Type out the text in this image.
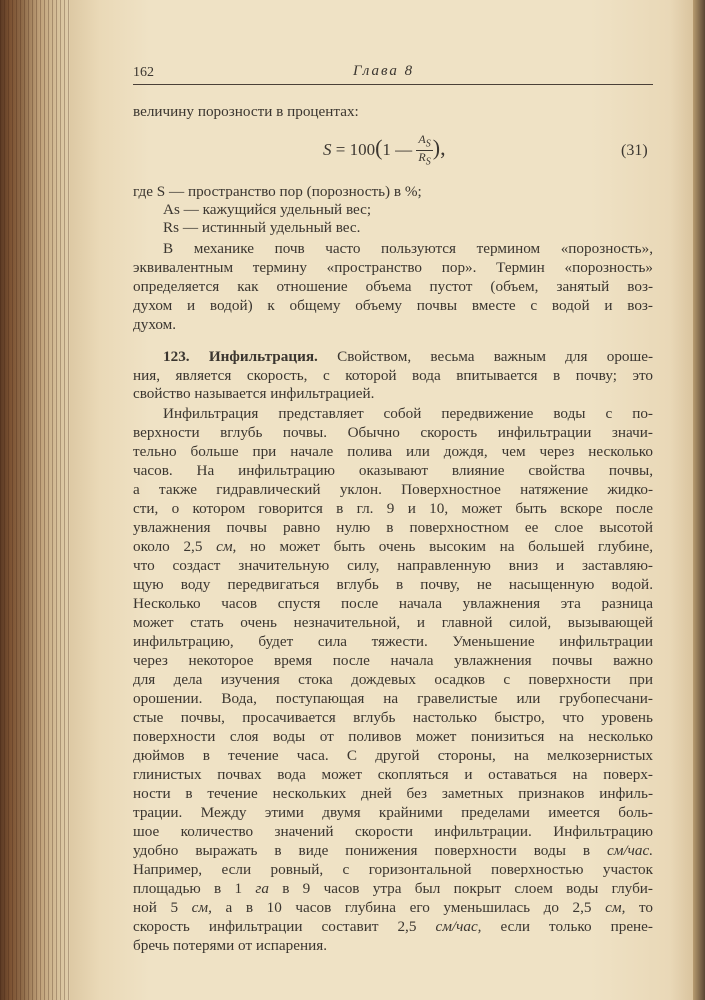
162	Глава 8
величину порозности в процентах:
S = 100(1 — $\frac{A_S}{R_S}$),	(31)
где S — пространство пор (порозность) в %;
As — кажущийся удельный вес;
Rs — истинный удельный вес.
В механике почв часто пользуются термином «порозность»,
эквивалентным термину «пространство пор». Термин «порозность»
определяется как отношение объема пустот (объем, занятый воз-
духом и водой) к общему объему почвы вместе с водой и воз-
духом.
123. Инфильтрация. Свойством, весьма важным для ороше-
ния, является скорость, с которой вода впитывается в почву; это
свойство называется инфильтрацией.
Инфильтрация представляет собой передвижение воды с по-
верхности вглубь почвы. Обычно скорость инфильтрации значи-
тельно больше при начале полива или дождя, чем через несколько
часов. На инфильтрацию оказывают влияние свойства почвы,
а также гидравлический уклон. Поверхностное натяжение жидко-
сти, о котором говорится в гл. 9 и 10, может быть вскоре после
увлажнения почвы равно нулю в поверхностном ее слое высотой
около 2,5 см, но может быть очень высоким на большей глубине,
что создаст значительную силу, направленную вниз и заставляю-
щую воду передвигаться вглубь в почву, не насыщенную водой.
Несколько часов спустя после начала увлажнения эта разница
может стать очень незначительной, и главной силой, вызывающей
инфильтрацию, будет сила тяжести. Уменьшение инфильтрации
через некоторое время после начала увлажнения почвы важно
для дела изучения стока дождевых осадков с поверхности при
орошении. Вода, поступающая на гравелистые или грубопесчани-
стые почвы, просачивается вглубь настолько быстро, что уровень
поверхности слоя воды от поливов может понизиться на несколько
дюймов в течение часа. С другой стороны, на мелкозернистых
глинистых почвах вода может скопляться и оставаться на поверх-
ности в течение нескольких дней без заметных признаков инфиль-
трации. Между этими двумя крайними пределами имеется боль-
шое количество значений скорости инфильтрации. Инфильтрацию
удобно выражать в виде понижения поверхности воды в см/час.
Например, если ровный, с горизонтальной поверхностью участок
площадью в 1 га в 9 часов утра был покрыт слоем воды глуби-
ной 5 см, а в 10 часов глубина его уменьшилась до 2,5 см, то
скорость инфильтрации составит 2,5 см/час, если только прене-
бречь потерями от испарения.
